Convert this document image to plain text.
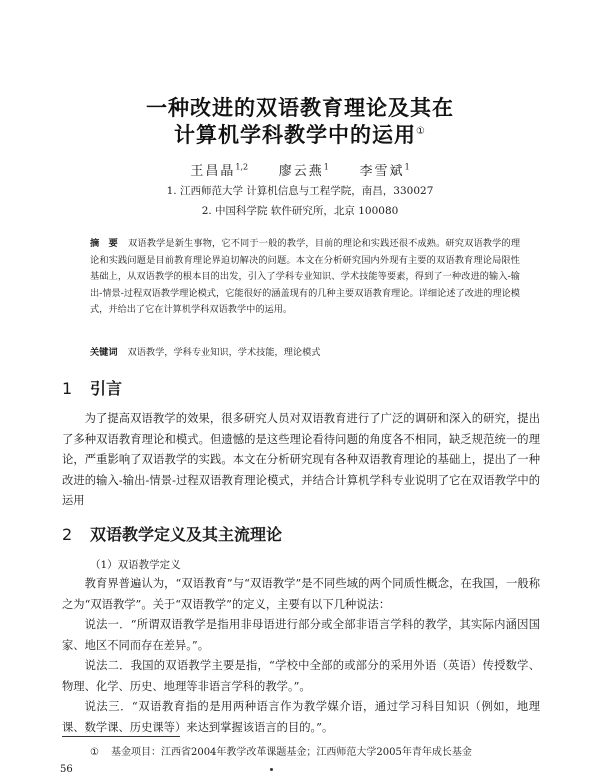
一种改进的双语教育理论及其在
计算机学科教学中的运用①
王昌晶$^{1,2}$ 廖云燕$^1$ 李雪斌$^1$
1. 江西师范大学 计算机信息与工程学院，南昌，330027
2. 中国科学院 软件研究所，北京 100080
摘　要 双语教学是新生事物，它不同于一般的教学，目前的理论和实践还很不成熟。研究双语教学的理论和实践问题是目前教育理论界迫切解决的问题。本文在分析研究国内外现有主要的双语教育理论局限性基础上，从双语教学的根本目的出发，引入了学科专业知识、学术技能等要素，得到了一种改进的输入-输出-情景-过程双语教学理论模式，它能很好的涵盖现有的几种主要双语教育理论。详细论述了改进的理论模式，并给出了它在计算机学科双语教学中的运用。
关键词 双语教学，学科专业知识，学术技能，理论模式
1 引言
为了提高双语教学的效果，很多研究人员对双语教育进行了广泛的调研和深入的研究，提出了多种双语教育理论和模式。但遗憾的是这些理论看待问题的角度各不相同，缺乏规范统一的理论，严重影响了双语教学的实践。本文在分析研究现有各种双语教育理论的基础上，提出了一种改进的输入-输出-情景-过程双语教育理论模式，并结合计算机学科专业说明了它在双语教学中的运用
2 双语教学定义及其主流理论
（1）双语教学定义
教育界普遍认为，“双语教育”与“双语教学”是不同些域的两个同质性概念，在我国，一般称之为“双语教学”。关于“双语教学”的定义，主要有以下几种说法：
说法一．“所谓双语教学是指用非母语进行部分或全部非语言学科的教学，其实际内涵因国家、地区不同而存在差异。”。
说法二．我国的双语教学主要是指，“学校中全部的或部分的采用外语（英语）传授数学、物理、化学、历史、地理等非语言学科的教学。”。
说法三．“双语教育指的是用两种语言作为教学媒介语，通过学习科目知识（例如，地理课、数学课、历史课等）来达到掌握该语言的目的。”。
① 基金项目：江西省2004年教学改革课题基金；江西师范大学2005年青年成长基金
56
